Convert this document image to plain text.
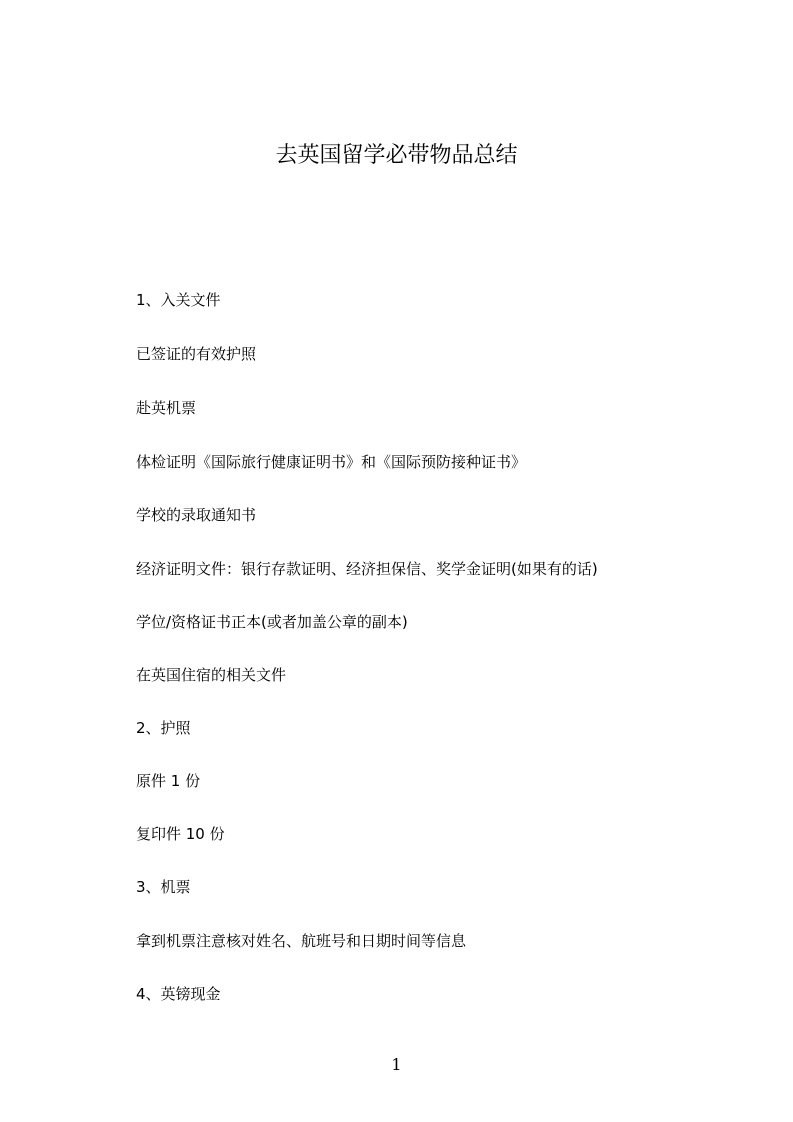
去英国留学必带物品总结
1、入关文件
已签证的有效护照
赴英机票
体检证明《国际旅行健康证明书》和《国际预防接种证书》
学校的录取通知书
经济证明文件：银行存款证明、经济担保信、奖学金证明(如果有的话)
学位/资格证书正本(或者加盖公章的副本)
在英国住宿的相关文件
2、护照
原件 1 份
复印件 10 份
3、机票
拿到机票注意核对姓名、航班号和日期时间等信息
4、英镑现金
1
